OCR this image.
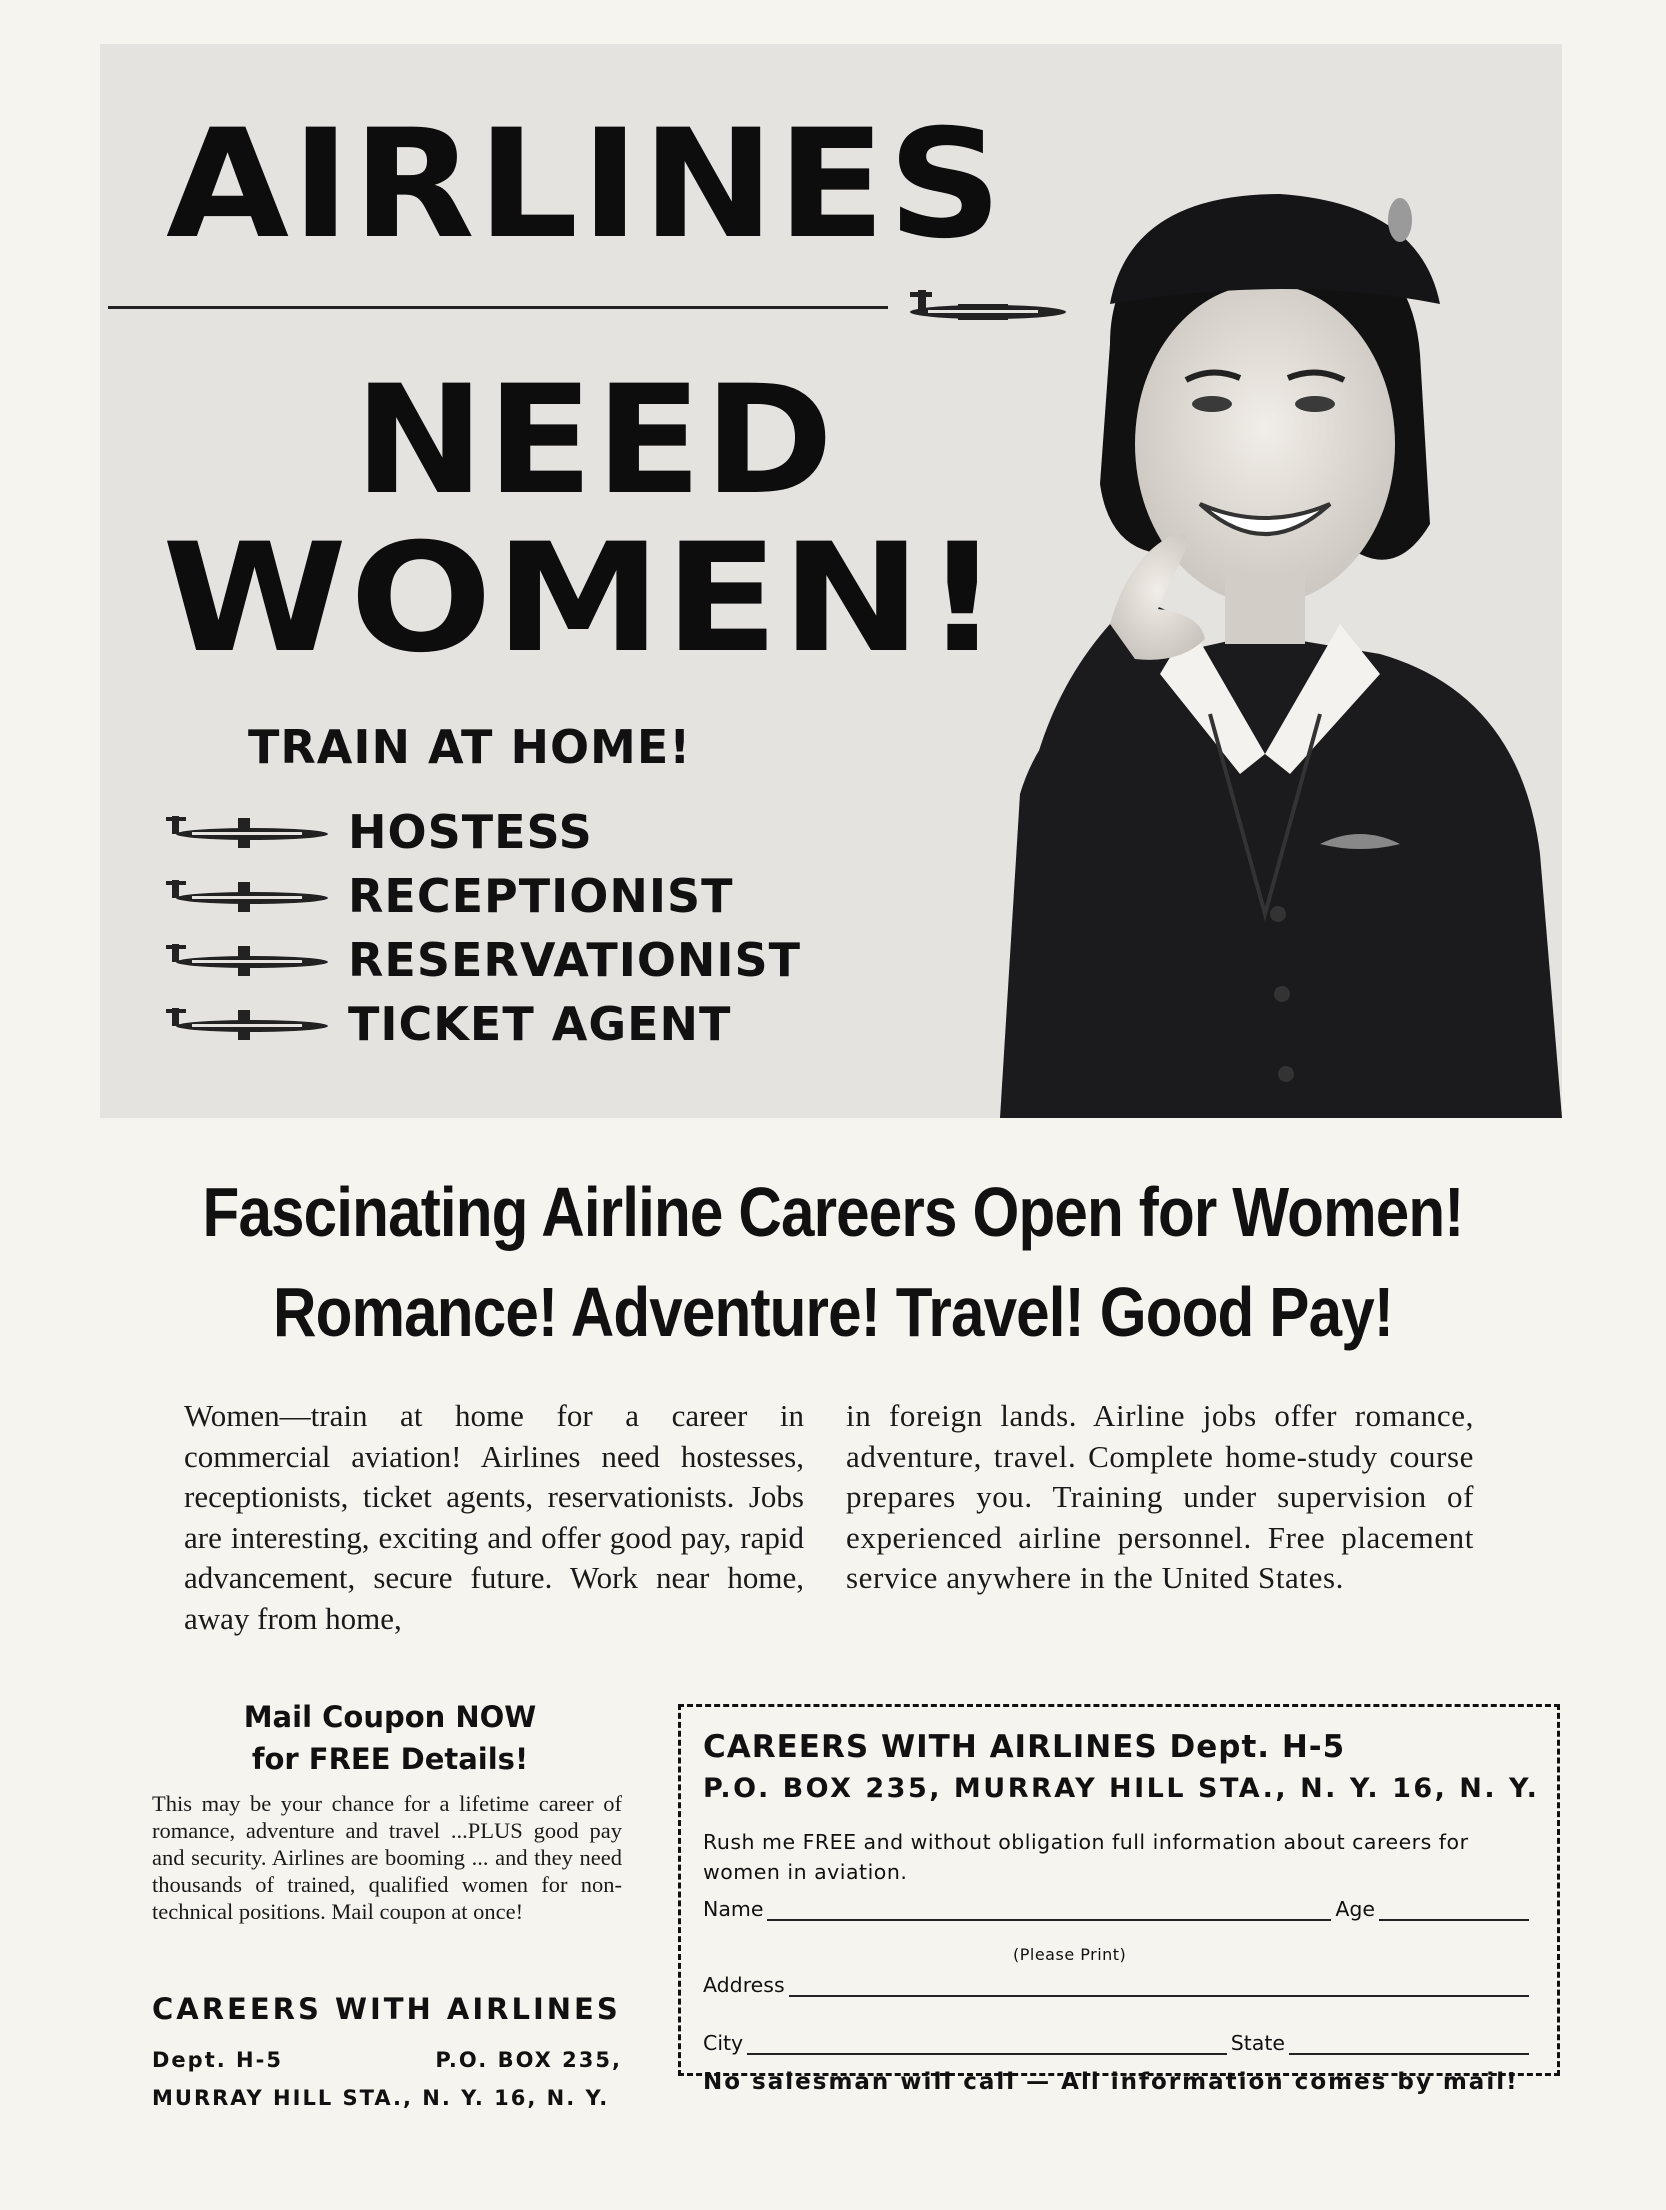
AIRLINES
NEED
WOMEN!

TRAIN AT HOME!

HOSTESS
RECEPTIONIST
RESERVATIONIST
TICKET AGENT
Fascinating Airline Careers Open for Women!
Romance! Adventure! Travel! Good Pay!

Women—train at home for a career in commercial aviation! Airlines need hostesses, receptionists, ticket agents, reservationists. Jobs are interesting, exciting and offer good pay, rapid advancement, secure future. Work near home, away from home,

in foreign lands. Airline jobs offer romance, adventure, travel. Complete home-study course prepares you. Training under supervision of experienced airline personnel. Free placement service anywhere in the United States.

Mail Coupon NOW
for FREE Details!

This may be your chance for a lifetime career of romance, adventure and travel ...PLUS good pay and security. Airlines are booming ... and they need thousands of trained, qualified women for non-technical positions. Mail coupon at once!

CAREERS WITH AIRLINES

Dept. H-5	P.O. BOX 235,

MURRAY HILL STA., N. Y. 16, N. Y.

CAREERS WITH AIRLINES Dept. H-5

P.O. BOX 235, MURRAY HILL STA., N. Y. 16, N. Y.

Rush me FREE and without obligation full information about careers for women in aviation.

Name	Age

(Please Print)

Address
City	State

No salesman will call — All information comes by mail!
